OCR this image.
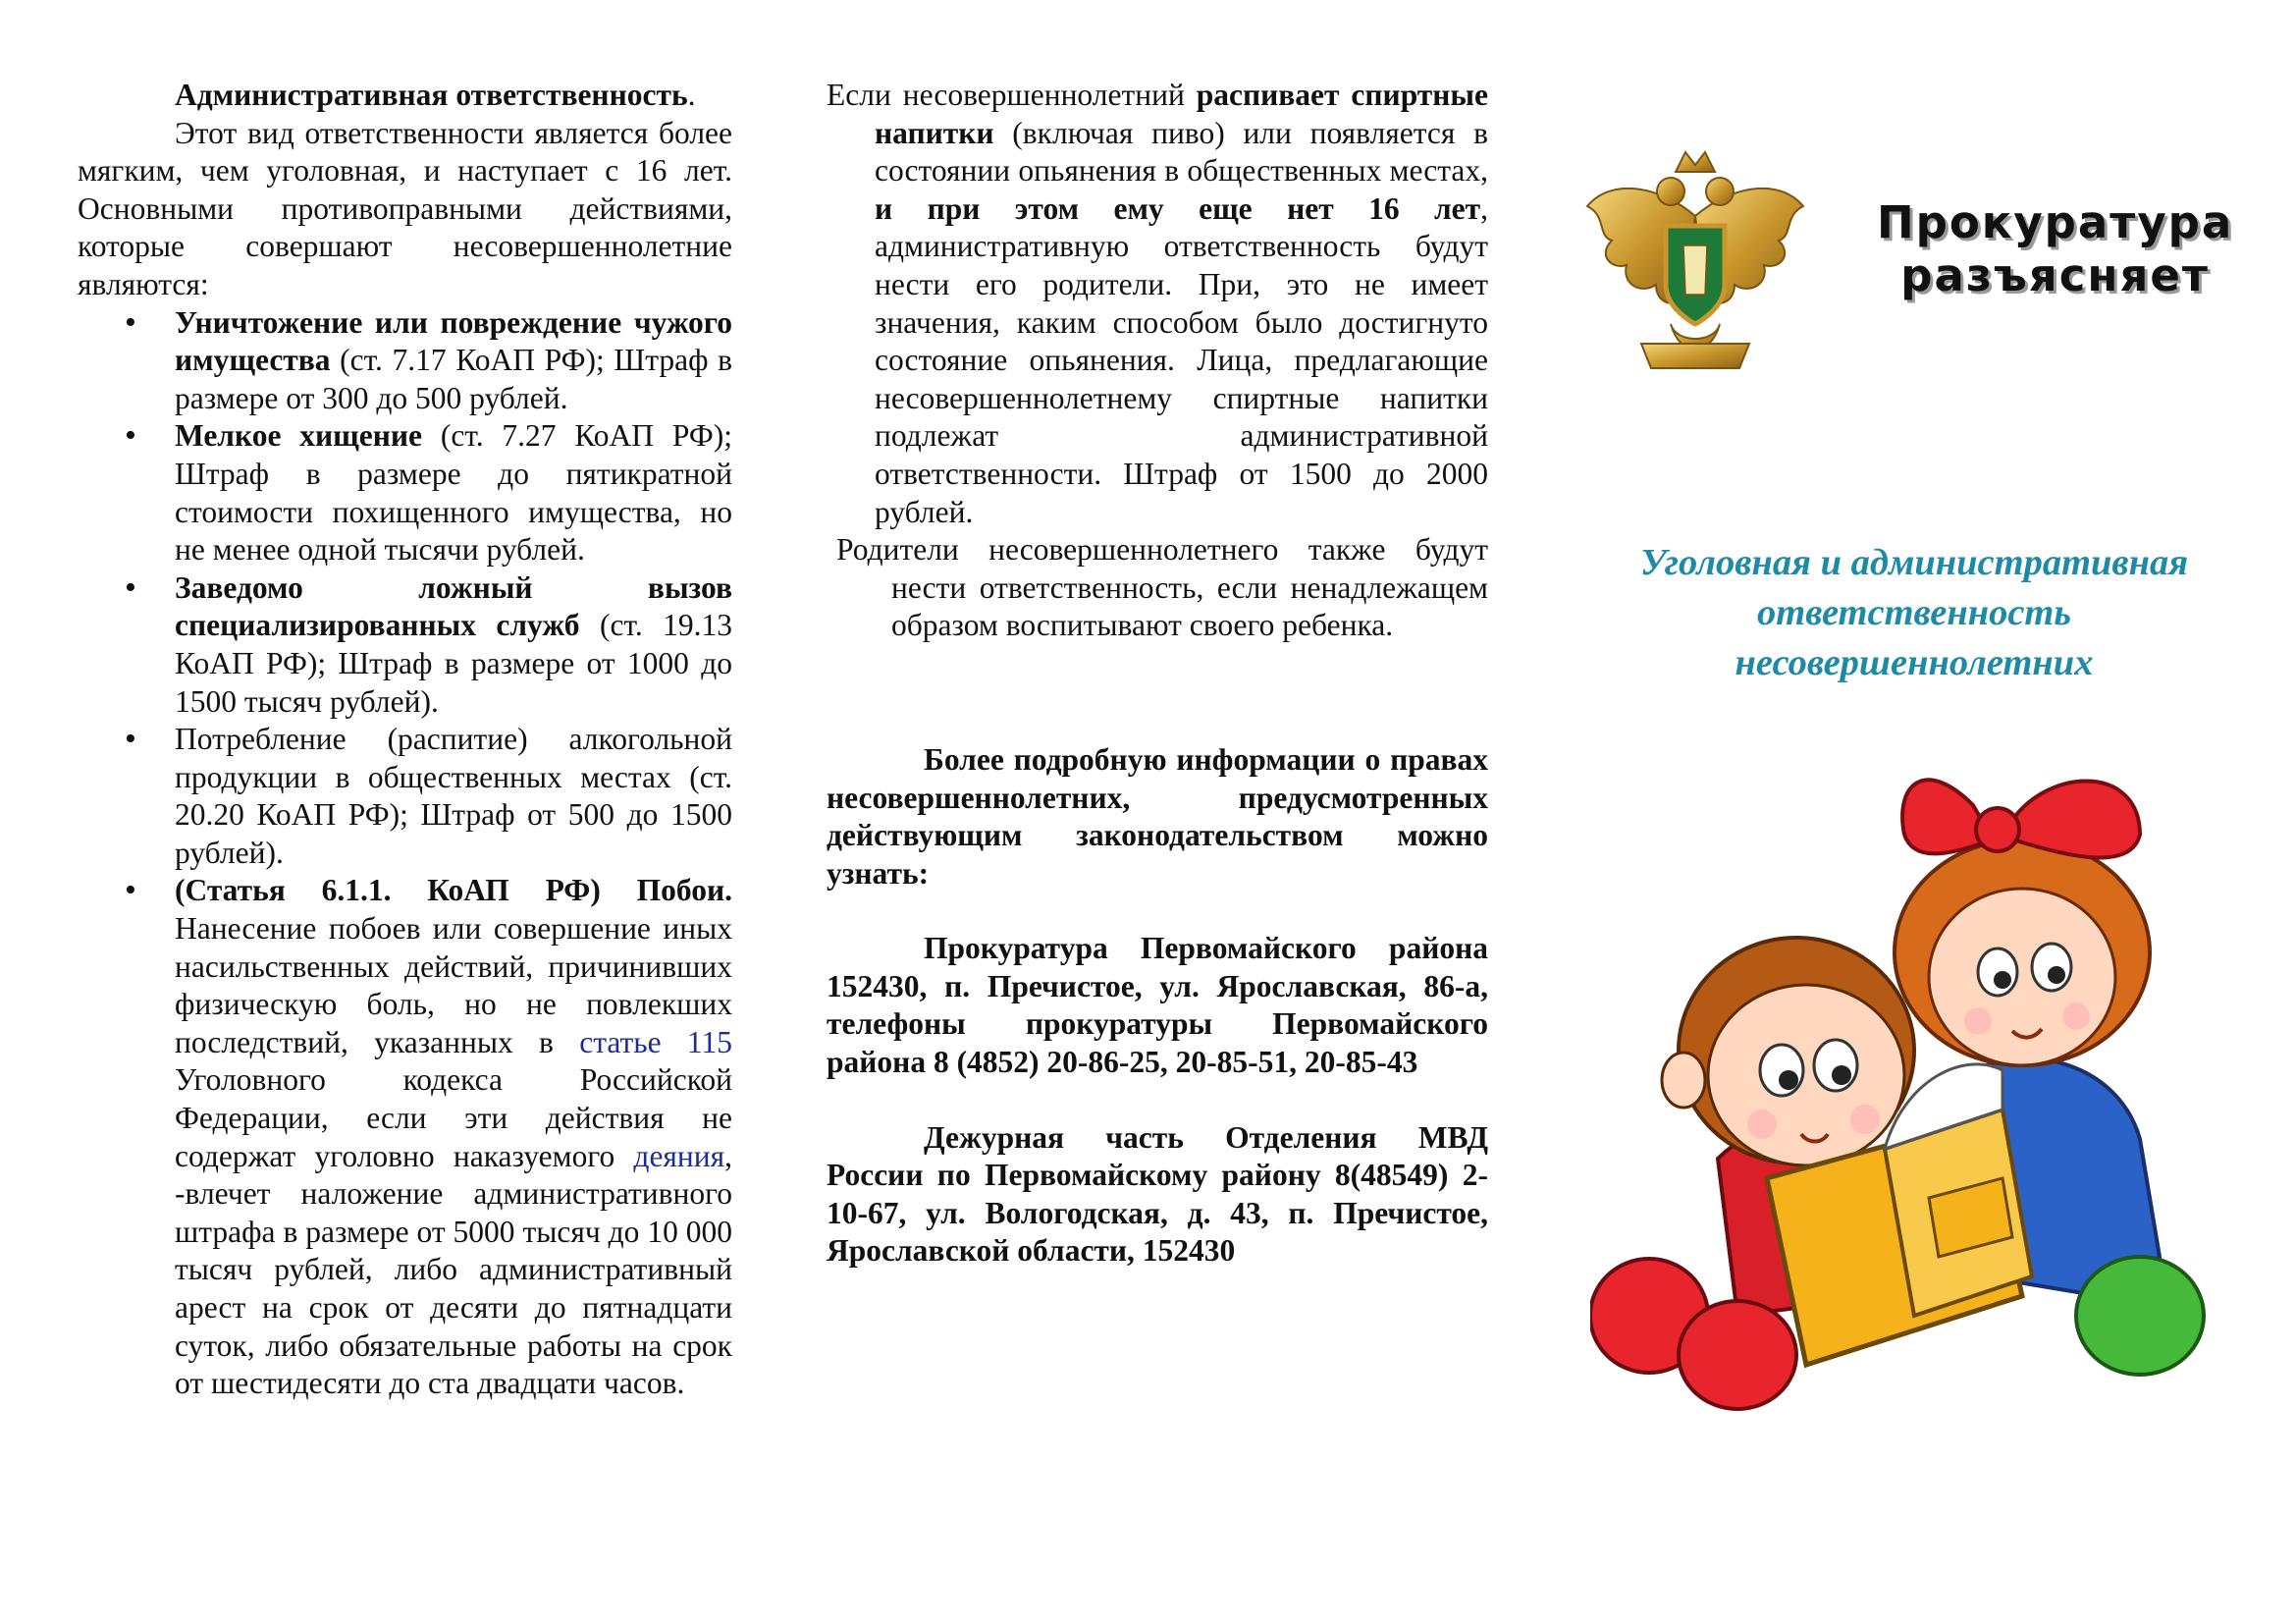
Административная ответственность.

Этот вид ответственности является более мягким, чем уголовная, и наступает с 16 лет. Основными противоправными действиями, которые совершают несовершеннолетние являются:

• Уничтожение или повреждение чужого имущества (ст. 7.17 КоАП РФ); Штраф в размере от 300 до 500 рублей.
• Мелкое хищение (ст. 7.27 КоАП РФ); Штраф в размере до пятикратной стоимости похищенного имущества, но не менее одной тысячи рублей.
• Заведомо ложный вызов специализированных служб (ст. 19.13 КоАП РФ); Штраф в размере от 1000 до 1500 тысяч рублей).
• Потребление (распитие) алкогольной продукции в общественных местах (ст. 20.20 КоАП РФ); Штраф от 500 до 1500 рублей).
• (Статья 6.1.1. КоАП РФ) Побои. Нанесение побоев или совершение иных насильственных действий, причинивших физическую боль, но не повлекших последствий, указанных в статье 115 Уголовного кодекса Российской Федерации, если эти действия не содержат уголовно наказуемого деяния, -влечет наложение административного штрафа в размере от 5000 тысяч до 10 000 тысяч рублей, либо административный арест на срок от десяти до пятнадцати суток, либо обязательные работы на срок от шестидесяти до ста двадцати часов.

Если несовершеннолетний распивает спиртные напитки (включая пиво) или появляется в состоянии опьянения в общественных местах, и при этом ему еще нет 16 лет, административную ответственность будут нести его родители. При, это не имеет значения, каким способом было достигнуто состояние опьянения. Лица, предлагающие несовершеннолетнему спиртные напитки подлежат административной ответственности. Штраф от 1500 до 2000 рублей.

Родители несовершеннолетнего также будут нести ответственность, если ненадлежащем образом воспитывают своего ребенка.

Более подробную информации о правах несовершеннолетних, предусмотренных действующим законодательством можно узнать:

Прокуратура Первомайского района 152430, п. Пречистое, ул. Ярославская, 86-а, телефоны прокуратуры Первомайского района 8 (4852) 20-86-25, 20-85-51, 20-85-43

Дежурная часть Отделения МВД России по Первомайскому району 8(48549) 2-10-67, ул. Вологодская, д. 43, п. Пречистое, Ярославской области, 152430

Прокуратура
разъясняет
Уголовная и административная
ответственность
несовершеннолетних
